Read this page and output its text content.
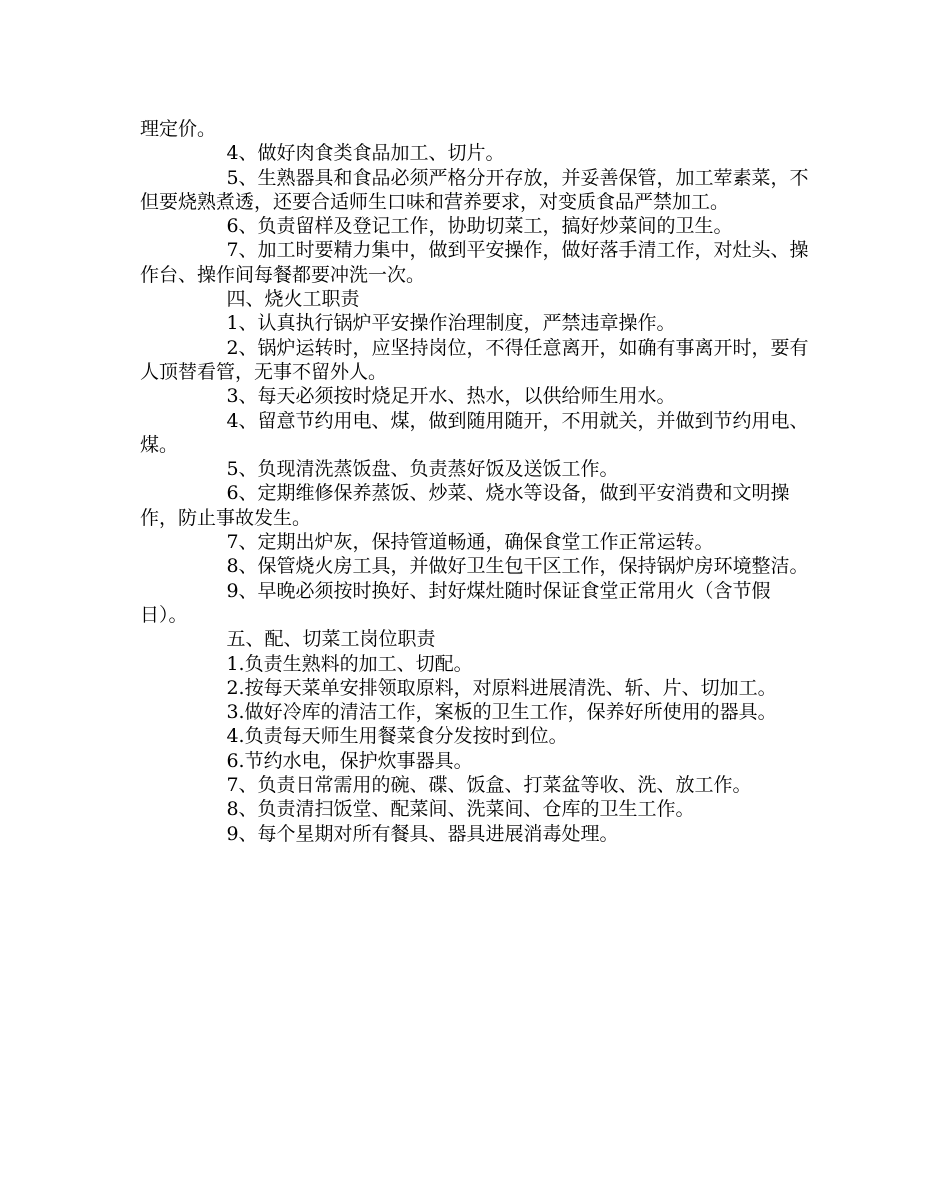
理定价。

4、做好肉食类食品加工、切片。

5、生熟器具和食品必须严格分开存放，并妥善保管，加工荤素菜，不但要烧熟煮透，还要合适师生口味和营养要求，对变质食品严禁加工。

6、负责留样及登记工作，协助切菜工，搞好炒菜间的卫生。

7、加工时要精力集中，做到平安操作，做好落手清工作，对灶头、操作台、操作间每餐都要冲洗一次。

四、烧火工职责

1、认真执行锅炉平安操作治理制度，严禁违章操作。

2、锅炉运转时，应坚持岗位，不得任意离开，如确有事离开时，要有人顶替看管，无事不留外人。

3、每天必须按时烧足开水、热水，以供给师生用水。

4、留意节约用电、煤，做到随用随开，不用就关，并做到节约用电、煤。

5、负现清洗蒸饭盘、负责蒸好饭及送饭工作。

6、定期维修保养蒸饭、炒菜、烧水等设备，做到平安消费和文明操作，防止事故发生。

7、定期出炉灰，保持管道畅通，确保食堂工作正常运转。

8、保管烧火房工具，并做好卫生包干区工作，保持锅炉房环境整洁。

9、早晚必须按时换好、封好煤灶随时保证食堂正常用火（含节假日）。

五、配、切菜工岗位职责

1.负责生熟料的加工、切配。

2.按每天菜单安排领取原料，对原料进展清洗、斩、片、切加工。

3.做好冷库的清洁工作，案板的卫生工作，保养好所使用的器具。

4.负责每天师生用餐菜食分发按时到位。

6.节约水电，保护炊事器具。

7、负责日常需用的碗、碟、饭盒、打菜盆等收、洗、放工作。

8、负责清扫饭堂、配菜间、洗菜间、仓库的卫生工作。

9、每个星期对所有餐具、器具进展消毒处理。
